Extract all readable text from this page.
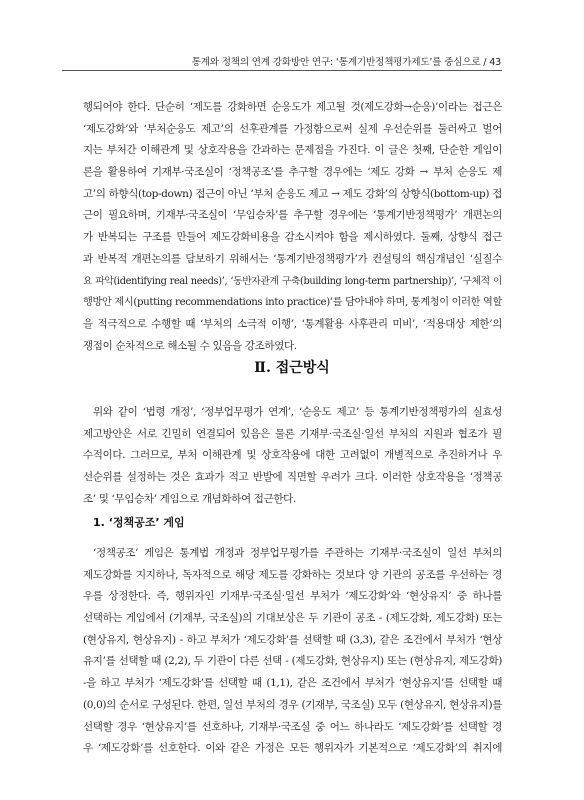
통계와 정책의 연계 강화방안 연구: ‘통계기반정책평가제도’를 중심으로 / 43
행되어야 한다. 단순히 ‘제도를 강화하면 순응도가 제고될 것(제도강화→순응)’이라는 접근은
‘제도강화’와 ‘부처순응도 제고’의 선후관계를 가정함으로써 실제 우선순위를 둘러싸고 벌어
지는 부처간 이해관계 및 상호작용을 간과하는 문제점을 가진다. 이 글은 첫째, 단순한 게임이
론을 활용하여 기재부·국조실이 ‘정책공조’를 추구할 경우에는 ‘제도 강화 → 부처 순응도 제
고’의 하향식(top-down) 접근이 아닌 ‘부처 순응도 제고 → 제도 강화’의 상향식(bottom-up) 접
근이 필요하며, 기재부·국조실이 ‘무임승차’를 추구할 경우에는 ‘통계기반정책평가’ 개편논의
가 반복되는 구조를 만들어 제도강화비용을 감소시켜야 함을 제시하였다. 둘째, 상향식 접근
과 반복적 개편논의를 담보하기 위해서는 ‘통계기반정책평가’가 컨설팅의 핵심개념인 ‘실질수
요 파악(identifying real needs)’, ‘동반자관계 구축(building long-term partnership)’, ‘구체적 이
행방안 제시(putting recommendations into practice)’를 담아내야 하며, 통계청이 이러한 역할
을 적극적으로 수행할 때 ‘부처의 소극적 이행’, ‘통계활용 사후관리 미비’, ‘적용대상 제한’의
쟁점이 순차적으로 해소될 수 있음을 강조하였다.
Ⅱ. 접근방식
위와 같이 ‘법령 개정’, ‘정부업무평가 연계’, ‘순응도 제고’ 등 통계기반정책평가의 실효성
제고방안은 서로 긴밀히 연결되어 있음은 물론 기재부·국조실·일선 부처의 지원과 협조가 필
수적이다. 그러므로, 부처 이해관계 및 상호작용에 대한 고려없이 개별적으로 추진하거나 우
선순위를 설정하는 것은 효과가 적고 반발에 직면할 우려가 크다. 이러한 상호작용을 ‘정책공
조’ 및 ‘무임승차’ 게임으로 개념화하여 접근한다.
1. ‘정책공조’ 게임
‘정책공조’ 게임은 통계법 개정과 정부업무평가를 주관하는 기재부·국조실이 일선 부처의
제도강화를 지지하나, 독자적으로 해당 제도를 강화하는 것보다 양 기관의 공조를 우선하는 경
우를 상정한다. 즉, 행위자인 기재부·국조실·일선 부처가 ‘제도강화’와 ‘현상유지’ 중 하나를
선택하는 게임에서 (기재부, 국조실)의 기대보상은 두 기관이 공조 - (제도강화, 제도강화) 또는
(현상유지, 현상유지) - 하고 부처가 ‘제도강화’를 선택할 때 (3,3), 같은 조건에서 부처가 ‘현상
유지’를 선택할 때 (2,2), 두 기관이 다른 선택 - (제도강화, 현상유지) 또는 (현상유지, 제도강화)
-을 하고 부처가 ‘제도강화’를 선택할 때 (1,1), 같은 조건에서 부처가 ‘현상유지’를 선택할 때
(0,0)의 순서로 구성된다. 한편, 일선 부처의 경우 (기재부, 국조실) 모두 (현상유지, 현상유지)를
선택할 경우 ‘현상유지’를 선호하나, 기재부·국조실 중 어느 하나라도 ‘제도강화’를 선택할 경
우 ‘제도강화’를 선호한다. 이와 같은 가정은 모든 행위자가 기본적으로 ‘제도강화’의 취지에
